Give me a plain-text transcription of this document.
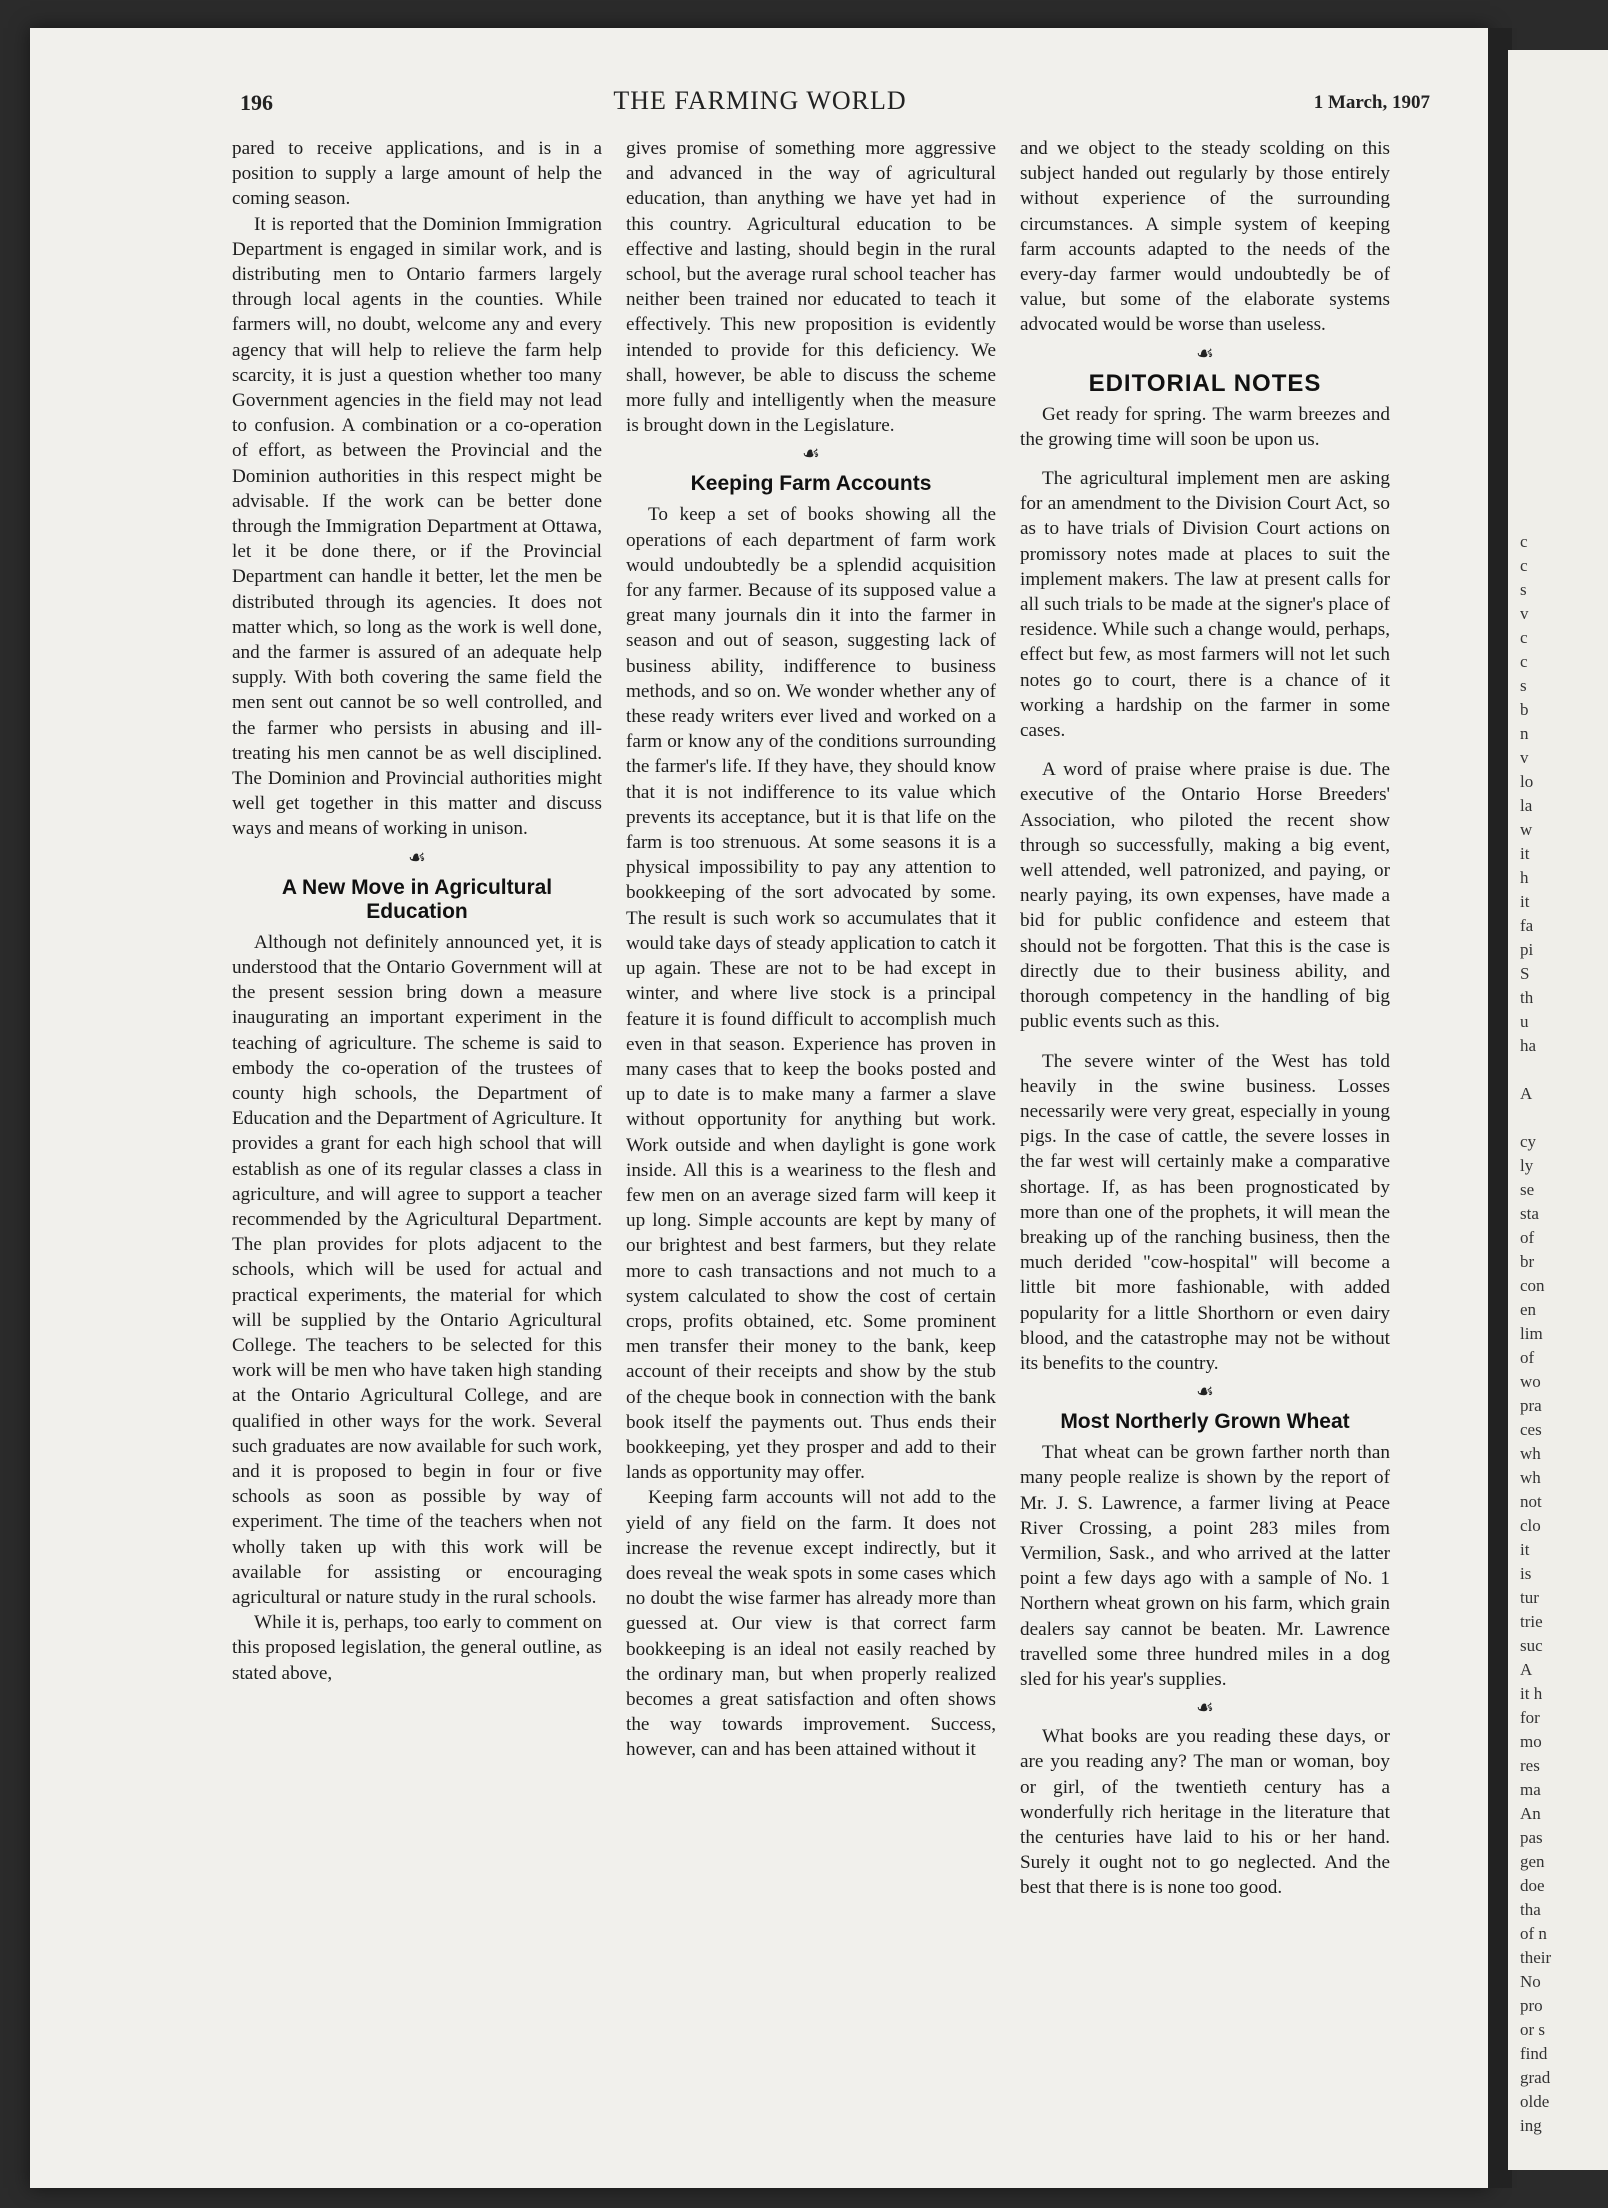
196	THE FARMING WORLD	1 March, 1907

pared to receive applications, and is in a position to supply a large amount of help the coming season.

It is reported that the Dominion Immigration Department is engaged in similar work, and is distributing men to Ontario farmers largely through local agents in the counties. While farmers will, no doubt, welcome any and every agency that will help to relieve the farm help scarcity, it is just a question whether too many Government agencies in the field may not lead to confusion. A combination or a co-operation of effort, as between the Provincial and the Dominion authorities in this respect might be advisable. If the work can be better done through the Immigration Department at Ottawa, let it be done there, or if the Provincial Department can handle it better, let the men be distributed through its agencies. It does not matter which, so long as the work is well done, and the farmer is assured of an adequate help supply. With both covering the same field the men sent out cannot be so well controlled, and the farmer who persists in abusing and ill-treating his men cannot be as well disciplined. The Dominion and Provincial authorities might well get together in this matter and discuss ways and means of working in unison.

☙
A New Move in Agricultural Education

Although not definitely announced yet, it is understood that the Ontario Government will at the present session bring down a measure inaugurating an important experiment in the teaching of agriculture. The scheme is said to embody the co-operation of the trustees of county high schools, the Department of Education and the Department of Agriculture. It provides a grant for each high school that will establish as one of its regular classes a class in agriculture, and will agree to support a teacher recommended by the Agricultural Department. The plan provides for plots adjacent to the schools, which will be used for actual and practical experiments, the material for which will be supplied by the Ontario Agricultural College. The teachers to be selected for this work will be men who have taken high standing at the Ontario Agricultural College, and are qualified in other ways for the work. Several such graduates are now available for such work, and it is proposed to begin in four or five schools as soon as possible by way of experiment. The time of the teachers when not wholly taken up with this work will be available for assisting or encouraging agricultural or nature study in the rural schools.

While it is, perhaps, too early to comment on this proposed legislation, the general outline, as stated above,

gives promise of something more aggressive and advanced in the way of agricultural education, than anything we have yet had in this country. Agricultural education to be effective and lasting, should begin in the rural school, but the average rural school teacher has neither been trained nor educated to teach it effectively. This new proposition is evidently intended to provide for this deficiency. We shall, however, be able to discuss the scheme more fully and intelligently when the measure is brought down in the Legislature.

☙
Keeping Farm Accounts

To keep a set of books showing all the operations of each department of farm work would undoubtedly be a splendid acquisition for any farmer. Because of its supposed value a great many journals din it into the farmer in season and out of season, suggesting lack of business ability, indifference to business methods, and so on. We wonder whether any of these ready writers ever lived and worked on a farm or know any of the conditions surrounding the farmer's life. If they have, they should know that it is not indifference to its value which prevents its acceptance, but it is that life on the farm is too strenuous. At some seasons it is a physical impossibility to pay any attention to bookkeeping of the sort advocated by some. The result is such work so accumulates that it would take days of steady application to catch it up again. These are not to be had except in winter, and where live stock is a principal feature it is found difficult to accomplish much even in that season. Experience has proven in many cases that to keep the books posted and up to date is to make many a farmer a slave without opportunity for anything but work. Work outside and when daylight is gone work inside. All this is a weariness to the flesh and few men on an average sized farm will keep it up long. Simple accounts are kept by many of our brightest and best farmers, but they relate more to cash transactions and not much to a system calculated to show the cost of certain crops, profits obtained, etc. Some prominent men transfer their money to the bank, keep account of their receipts and show by the stub of the cheque book in connection with the bank book itself the payments out. Thus ends their bookkeeping, yet they prosper and add to their lands as opportunity may offer.

Keeping farm accounts will not add to the yield of any field on the farm. It does not increase the revenue except indirectly, but it does reveal the weak spots in some cases which no doubt the wise farmer has already more than guessed at. Our view is that correct farm bookkeeping is an ideal not easily reached by the ordinary man, but when properly realized becomes a great satisfaction and often shows the way towards improvement. Success, however, can and has been attained without it

and we object to the steady scolding on this subject handed out regularly by those entirely without experience of the surrounding circumstances. A simple system of keeping farm accounts adapted to the needs of the every-day farmer would undoubtedly be of value, but some of the elaborate systems advocated would be worse than useless.

☙
EDITORIAL NOTES

Get ready for spring. The warm breezes and the growing time will soon be upon us.

The agricultural implement men are asking for an amendment to the Division Court Act, so as to have trials of Division Court actions on promissory notes made at places to suit the implement makers. The law at present calls for all such trials to be made at the signer's place of residence. While such a change would, perhaps, effect but few, as most farmers will not let such notes go to court, there is a chance of it working a hardship on the farmer in some cases.

A word of praise where praise is due. The executive of the Ontario Horse Breeders' Association, who piloted the recent show through so successfully, making a big event, well attended, well patronized, and paying, or nearly paying, its own expenses, have made a bid for public confidence and esteem that should not be forgotten. That this is the case is directly due to their business ability, and thorough competency in the handling of big public events such as this.

The severe winter of the West has told heavily in the swine business. Losses necessarily were very great, especially in young pigs. In the case of cattle, the severe losses in the far west will certainly make a comparative shortage. If, as has been prognosticated by more than one of the prophets, it will mean the breaking up of the ranching business, then the much derided "cow-hospital" will become a little bit more fashionable, with added popularity for a little Shorthorn or even dairy blood, and the catastrophe may not be without its benefits to the country.

☙
Most Northerly Grown Wheat

That wheat can be grown farther north than many people realize is shown by the report of Mr. J. S. Lawrence, a farmer living at Peace River Crossing, a point 283 miles from Vermilion, Sask., and who arrived at the latter point a few days ago with a sample of No. 1 Northern wheat grown on his farm, which grain dealers say cannot be beaten. Mr. Lawrence travelled some three hundred miles in a dog sled for his year's supplies.

☙

What books are you reading these days, or are you reading any? The man or woman, boy or girl, of the twentieth century has a wonderfully rich heritage in the literature that the centuries have laid to his or her hand. Surely it ought not to go neglected. And the best that there is is none too good.

c
c
s
v
c
c
s
b
n
v
lo
la
w
it
h
it
fa
pi
S
th
u
ha

A

cy
ly
se
sta
of
br
con
en
lim
of
wo
pra
ces
wh
wh
not
clo
it
is
tur
trie
suc
A
it h
for
mo
res
ma
An
pas
gen
doe
tha
of n
their
No
pro
or s
find
grad
olde
ing
